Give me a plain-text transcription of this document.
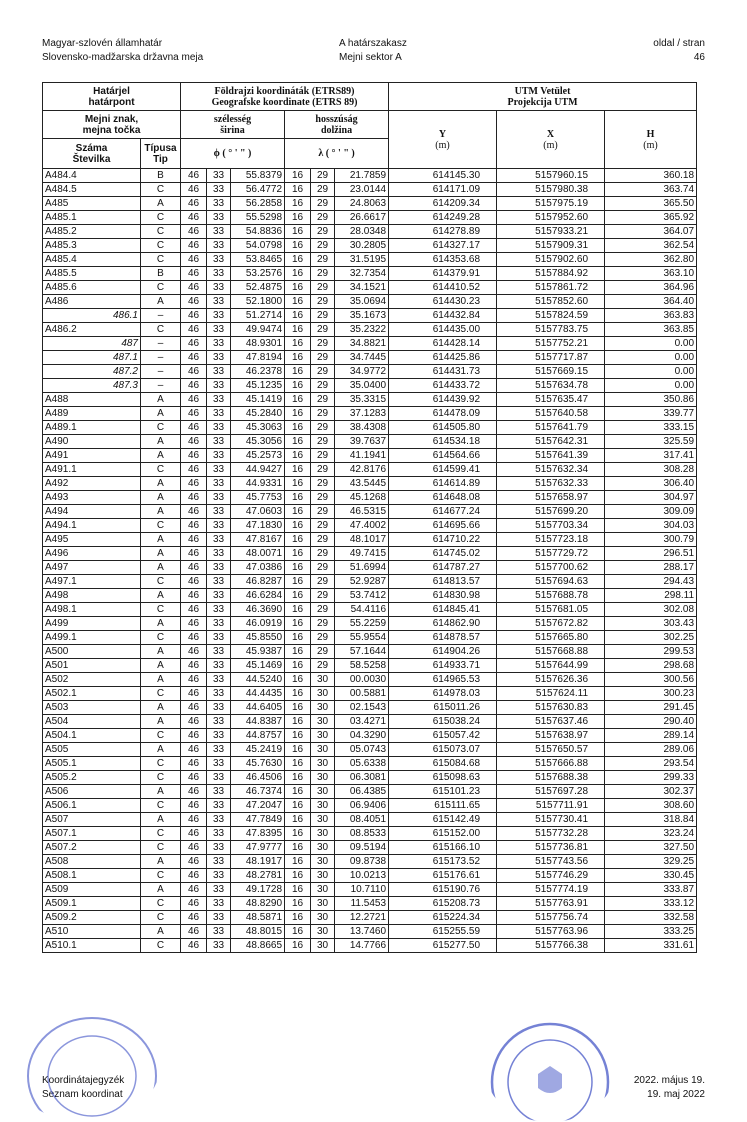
Magyar-szlovén államhatár
Slovensko-madžarska državna meja
A határszakasz
Mejni sektor A
oldal / stran
46
Határjel
határpont		Földrajzi koordináták (ETRS89)
Geografske koordinate (ETRS 89)						UTM Vetület
Projekcija UTM		
Mejni znak,
mejna točka		szélesség
širina			hosszúság
dolžina			Y
(m)	X
(m)	H
(m)
Száma
Številka	Típusa
Tip	ϕ ( ° ' " )			λ ( ° ' " )					
A484.4	B	46	33	55.8379	16	29	21.7859	614145.30	5157960.15	360.18
A484.5	C	46	33	56.4772	16	29	23.0144	614171.09	5157980.38	363.74
A485	A	46	33	56.2858	16	29	24.8063	614209.34	5157975.19	365.50
A485.1	C	46	33	55.5298	16	29	26.6617	614249.28	5157952.60	365.92
A485.2	C	46	33	54.8836	16	29	28.0348	614278.89	5157933.21	364.07
A485.3	C	46	33	54.0798	16	29	30.2805	614327.17	5157909.31	362.54
A485.4	C	46	33	53.8465	16	29	31.5195	614353.68	5157902.60	362.80
A485.5	B	46	33	53.2576	16	29	32.7354	614379.91	5157884.92	363.10
A485.6	C	46	33	52.4875	16	29	34.1521	614410.52	5157861.72	364.96
A486	A	46	33	52.1800	16	29	35.0694	614430.23	5157852.60	364.40
486.1	–	46	33	51.2714	16	29	35.1673	614432.84	5157824.59	363.83
A486.2	C	46	33	49.9474	16	29	35.2322	614435.00	5157783.75	363.85
487	–	46	33	48.9301	16	29	34.8821	614428.14	5157752.21	0.00
487.1	–	46	33	47.8194	16	29	34.7445	614425.86	5157717.87	0.00
487.2	–	46	33	46.2378	16	29	34.9772	614431.73	5157669.15	0.00
487.3	–	46	33	45.1235	16	29	35.0400	614433.72	5157634.78	0.00
A488	A	46	33	45.1419	16	29	35.3315	614439.92	5157635.47	350.86
A489	A	46	33	45.2840	16	29	37.1283	614478.09	5157640.58	339.77
A489.1	C	46	33	45.3063	16	29	38.4308	614505.80	5157641.79	333.15
A490	A	46	33	45.3056	16	29	39.7637	614534.18	5157642.31	325.59
A491	A	46	33	45.2573	16	29	41.1941	614564.66	5157641.39	317.41
A491.1	C	46	33	44.9427	16	29	42.8176	614599.41	5157632.34	308.28
A492	A	46	33	44.9331	16	29	43.5445	614614.89	5157632.33	306.40
A493	A	46	33	45.7753	16	29	45.1268	614648.08	5157658.97	304.97
A494	A	46	33	47.0603	16	29	46.5315	614677.24	5157699.20	309.09
A494.1	C	46	33	47.1830	16	29	47.4002	614695.66	5157703.34	304.03
A495	A	46	33	47.8167	16	29	48.1017	614710.22	5157723.18	300.79
A496	A	46	33	48.0071	16	29	49.7415	614745.02	5157729.72	296.51
A497	A	46	33	47.0386	16	29	51.6994	614787.27	5157700.62	288.17
A497.1	C	46	33	46.8287	16	29	52.9287	614813.57	5157694.63	294.43
A498	A	46	33	46.6284	16	29	53.7412	614830.98	5157688.78	298.11
A498.1	C	46	33	46.3690	16	29	54.4116	614845.41	5157681.05	302.08
A499	A	46	33	46.0919	16	29	55.2259	614862.90	5157672.82	303.43
A499.1	C	46	33	45.8550	16	29	55.9554	614878.57	5157665.80	302.25
A500	A	46	33	45.9387	16	29	57.1644	614904.26	5157668.88	299.53
A501	A	46	33	45.1469	16	29	58.5258	614933.71	5157644.99	298.68
A502	A	46	33	44.5240	16	30	00.0030	614965.53	5157626.36	300.56
A502.1	C	46	33	44.4435	16	30	00.5881	614978.03	5157624.11	300.23
A503	A	46	33	44.6405	16	30	02.1543	615011.26	5157630.83	291.45
A504	A	46	33	44.8387	16	30	03.4271	615038.24	5157637.46	290.40
A504.1	C	46	33	44.8757	16	30	04.3290	615057.42	5157638.97	289.14
A505	A	46	33	45.2419	16	30	05.0743	615073.07	5157650.57	289.06
A505.1	C	46	33	45.7630	16	30	05.6338	615084.68	5157666.88	293.54
A505.2	C	46	33	46.4506	16	30	06.3081	615098.63	5157688.38	299.33
A506	A	46	33	46.7374	16	30	06.4385	615101.23	5157697.28	302.37
A506.1	C	46	33	47.2047	16	30	06.9406	615111.65	5157711.91	308.60
A507	A	46	33	47.7849	16	30	08.4051	615142.49	5157730.41	318.84
A507.1	C	46	33	47.8395	16	30	08.8533	615152.00	5157732.28	323.24
A507.2	C	46	33	47.9777	16	30	09.5194	615166.10	5157736.81	327.50
A508	A	46	33	48.1917	16	30	09.8738	615173.52	5157743.56	329.25
A508.1	C	46	33	48.2781	16	30	10.0213	615176.61	5157746.29	330.45
A509	A	46	33	49.1728	16	30	10.7110	615190.76	5157774.19	333.87
A509.1	C	46	33	48.8290	16	30	11.5453	615208.73	5157763.91	333.12
A509.2	C	46	33	48.5871	16	30	12.2721	615224.34	5157756.74	332.58
A510	A	46	33	48.8015	16	30	13.7460	615255.59	5157763.96	333.25
A510.1	C	46	33	48.8665	16	30	14.7766	615277.50	5157766.38	331.61
Koordinátajegyzék
Seznam koordinat
2022. május 19.
19. maj 2022
